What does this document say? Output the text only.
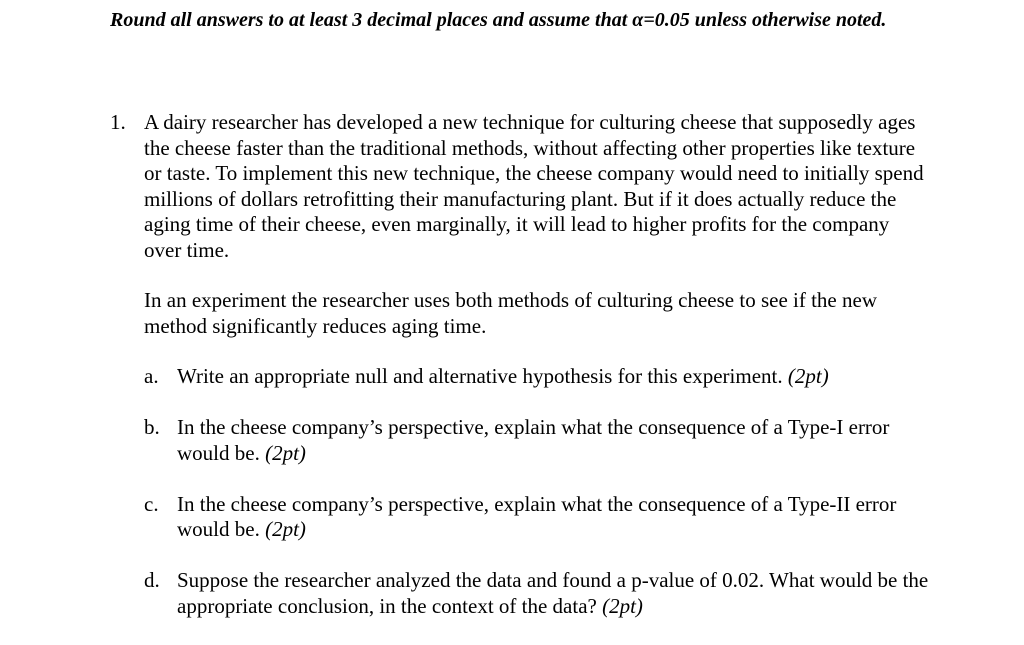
Round all answers to at least 3 decimal places and assume that α=0.05 unless otherwise noted.

1. A dairy researcher has developed a new technique for culturing cheese that supposedly ages the cheese faster than the traditional methods, without affecting other properties like texture or taste. To implement this new technique, the cheese company would need to initially spend millions of dollars retrofitting their manufacturing plant. But if it does actually reduce the aging time of their cheese, even marginally, it will lead to higher profits for the company over time.

In an experiment the researcher uses both methods of culturing cheese to see if the new method significantly reduces aging time.

a. Write an appropriate null and alternative hypothesis for this experiment. (2pt)
b. In the cheese company’s perspective, explain what the consequence of a Type-I error would be. (2pt)
c. In the cheese company’s perspective, explain what the consequence of a Type-II error would be. (2pt)
d. Suppose the researcher analyzed the data and found a p-value of 0.02. What would be the appropriate conclusion, in the context of the data? (2pt)
